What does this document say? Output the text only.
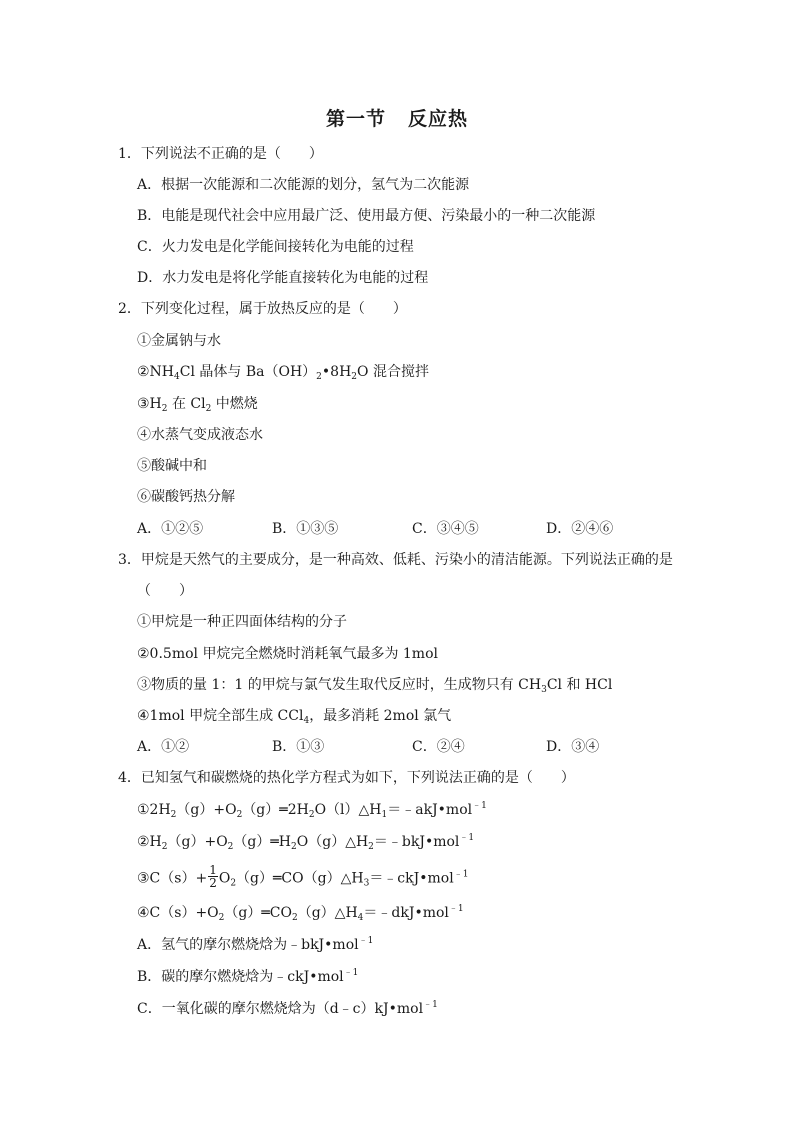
第一节 反应热
1．下列说法不正确的是（　　）
A．根据一次能源和二次能源的划分，氢气为二次能源
B．电能是现代社会中应用最广泛、使用最方便、污染最小的一种二次能源
C．火力发电是化学能间接转化为电能的过程
D．水力发电是将化学能直接转化为电能的过程
2．下列变化过程，属于放热反应的是（　　）
①金属钠与水
$②NH_4Cl$ 晶体与 $Ba(OH)_2•8H_2O$ 混合搅拌
$③H_2$ 在 $Cl_2$ 中燃烧
④水蒸气变成液态水
⑤酸碱中和
⑥碳酸钙热分解
A．①②⑤	B．①③⑤	C．③④⑤	D．②④⑥
3．甲烷是天然气的主要成分，是一种高效、低耗、污染小的清洁能源。下列说法正确的是
（　　）
①甲烷是一种正四面体结构的分子
②0.5mol 甲烷完全燃烧时消耗氧气最多为 1mol
③物质的量 1：1 的甲烷与氯气发生取代反应时，生成物只有 $CH_3Cl$ 和 HCl
④1mol 甲烷全部生成 CCl$_4$，最多消耗 2mol 氯气
A．①②	B．①③	C．②④	D．③④
4．已知氢气和碳燃烧的热化学方程式为如下，下列说法正确的是（　　）
$①2H_2(g)+O_2(g)═2H_2O(l)\triangle H_1=﹣akJ•mol^{﹣1}$
$②H_2(g)+O_2(g)═H_2O(g)\triangle H_2=﹣bkJ•mol^{﹣1}$
③C（s）+ $\frac{1}{2}$ $O_2(g)═CO(g)\triangle H_3=﹣ckJ•mol^{﹣1}$
$④C(s)+O_2(g)═CO_2(g)\triangle H_4=﹣dkJ•mol^{﹣1}$
A．氢气的摩尔燃烧焓为﹣bkJ•mol$^{﹣1}$
B．碳的摩尔燃烧焓为﹣ckJ•mol$^{﹣1}$
C．一氧化碳的摩尔燃烧焓为（d﹣c）kJ•mol$^{﹣1}$
